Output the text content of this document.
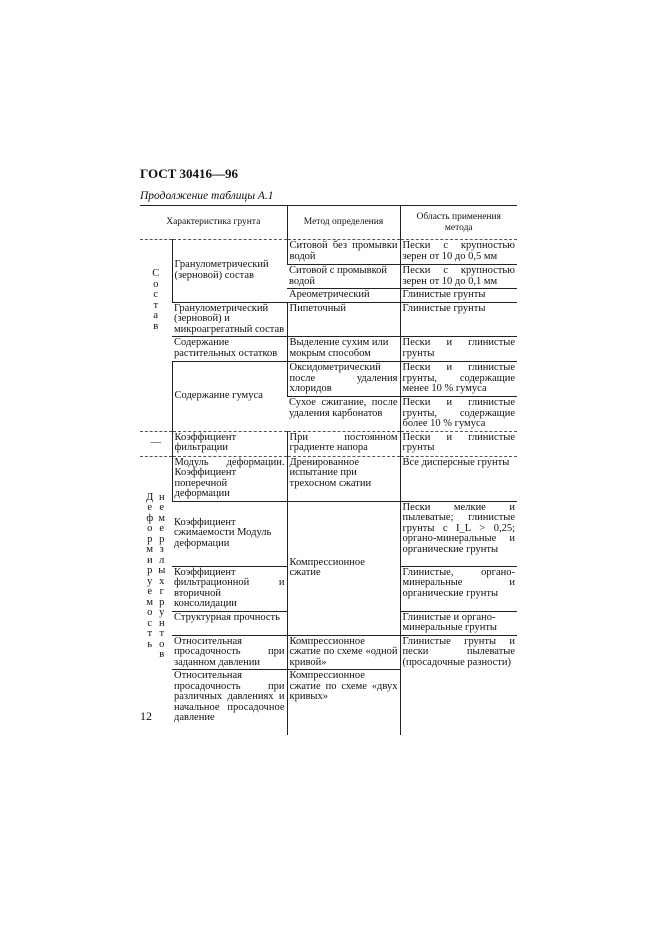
ГОСТ 30416—96
Продолжение таблицы А.1
Характеристика грунта		Метод определения	Область применения метода
Состав	Гранулометрический (зерновой) состав	Ситовой без промывки водой	Пески с крупностью зерен от 10 до 0,5 мм
		Ситовой с промывкой водой	Пески с крупностью зерен от 10 до 0,1 мм
		Ареометрический	Глинистые грунты
	Гранулометрический (зерновой) и микроагрегатный состав	Пипеточный	Глинистые грунты
	Содержание растительных остатков	Выделение сухим или мокрым способом	Пески и глинистые грунты
	Содержание гумуса	Оксидометрический после удаления хлоридов	Пески и глинистые грунты, содержащие менее 10 % гумуса
		Сухое сжигание, после удаления карбонатов	Пески и глинистые грунты, содержащие более 10 % гумуса
—	Коэффициент фильтрации	При постоянном градиенте напора	Пески и глинистые грунты
Деформируемостьнемерзлых грунтов	Модуль деформации. Коэффициент поперечной деформации	Дренированное испытание при трехосном сжатии	Все дисперсные грунты
	Коэффициент сжимаемости Модуль деформации	Компрессионное сжатие	Пески мелкие и пылеватые; глинистые грунты с I_L > 0,25; органо-минеральные и органические грунты
	Коэффициент фильтрационной и вторичной консолидации		Глинистые, органо-минеральные и органические грунты
	Структурная прочность		Глинистые и органо-минеральные грунты
	Относительная просадочность при заданном давлении	Компрессионное сжатие по схеме «одной кривой»	Глинистые грунты и пески пылеватые (просадочные разности)
	Относительная просадочность при различных давлениях и начальное просадочное давление	Компрессионное сжатие по схеме «двух кривых»	
12
